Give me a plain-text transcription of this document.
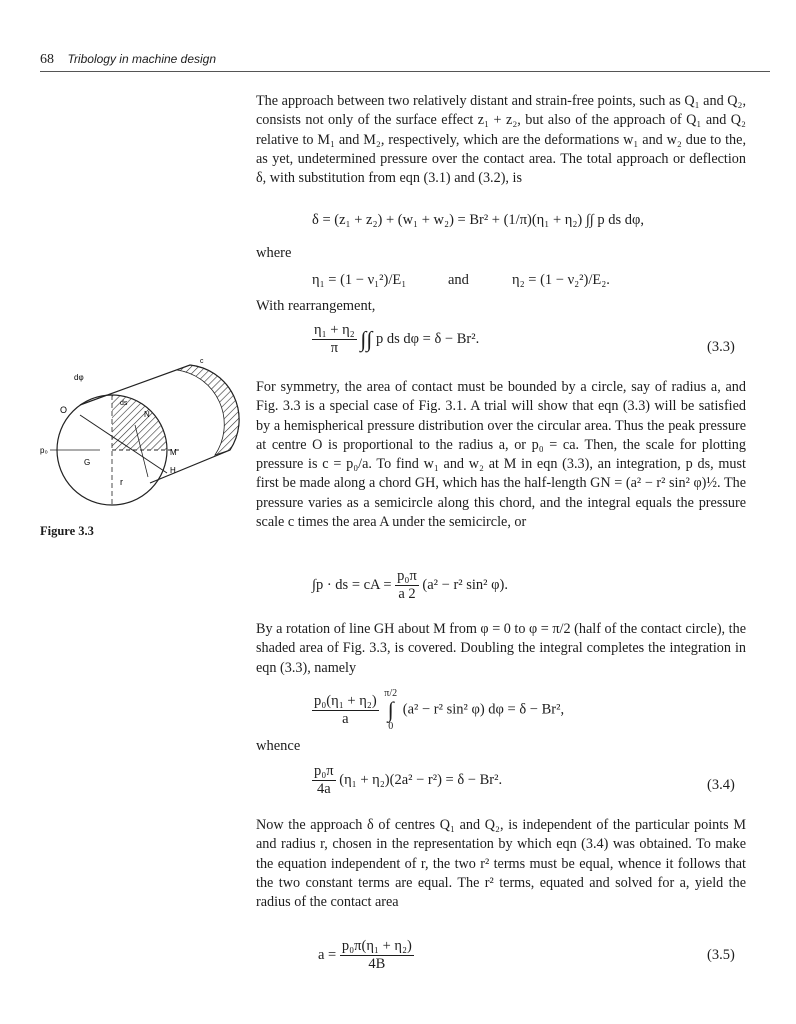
68 Tribology in machine design

The approach between two relatively distant and strain-free points, such as Q₁ and Q₂, consists not only of the surface effect z₁ + z₂, but also of the approach of Q₁ and Q₂ relative to M₁ and M₂, respectively, which are the deformations w₁ and w₂ due to the, as yet, undetermined pressure over the contact area. The total approach or deflection δ, with substitution from eqn (3.1) and (3.2), is

δ = (z₁ + z₂) + (w₁ + w₂) = Br² + (1/π)(η₁ + η₂) ∫∫ p ds dφ,
where
η₁ = (1 − ν₁²)/E₁	and	η₂ = (1 − ν₂²)/E₂.
With rearrangement,
$\frac{\text{η₁ + η₂}}{\pi}$ ∫∫ p ds dφ = δ − Br².
(3.3)

For symmetry, the area of contact must be bounded by a circle, say of radius a, and Fig. 3.3 is a special case of Fig. 3.1. A trial will show that eqn (3.3) will be satisfied by a hemispherical pressure distribution over the circular area. Thus the peak pressure at centre O is proportional to the radius a, or p₀ = ca. Then, the scale for plotting pressure is c = p₀/a. To find w₁ and w₂ at M in eqn (3.3), an integration, p ds, must first be made along a chord GH, which has the half-length GN = (a² − r² sin² φ)½. The pressure varies as a semicircle along this chord, and the integral equals the pressure scale c times the area A under the semicircle, or

dφ
O
p₀
r
M
H
G
N
c
ds
Figure 3.3
∫p · ds = cA = $\frac{\text{p₀π}}{a 2} (a^2 - r^2$ sin² φ).

By a rotation of line GH about M from φ = 0 to φ = π/2 (half of the contact circle), the shaded area of Fig. 3.3, is covered. Doubling the integral completes the integration in eqn (3.3), namely

$\frac{\text{p₀(η₁ + η₂)}}{a}$
π/2
∫
0
(a² − r² sin² φ) dφ = δ − Br²,
whence
$\frac{\text{p₀π}}{4a} (\eta_1 + \eta_2)(2a^2 - r^2) = \delta - Br^2$.	(3.4)

Now the approach δ of centres Q₁ and Q₂, is independent of the particular points M and radius r, chosen in the representation by which eqn (3.4) was obtained. To make the equation independent of r, the two r² terms must be equal, whence it follows that the two constant terms are equal. The r² terms, equated and solved for a, yield the radius of the contact area

$a = \frac{\text{p₀π(η₁ + η₂)}}{4B}$	(3.5)
